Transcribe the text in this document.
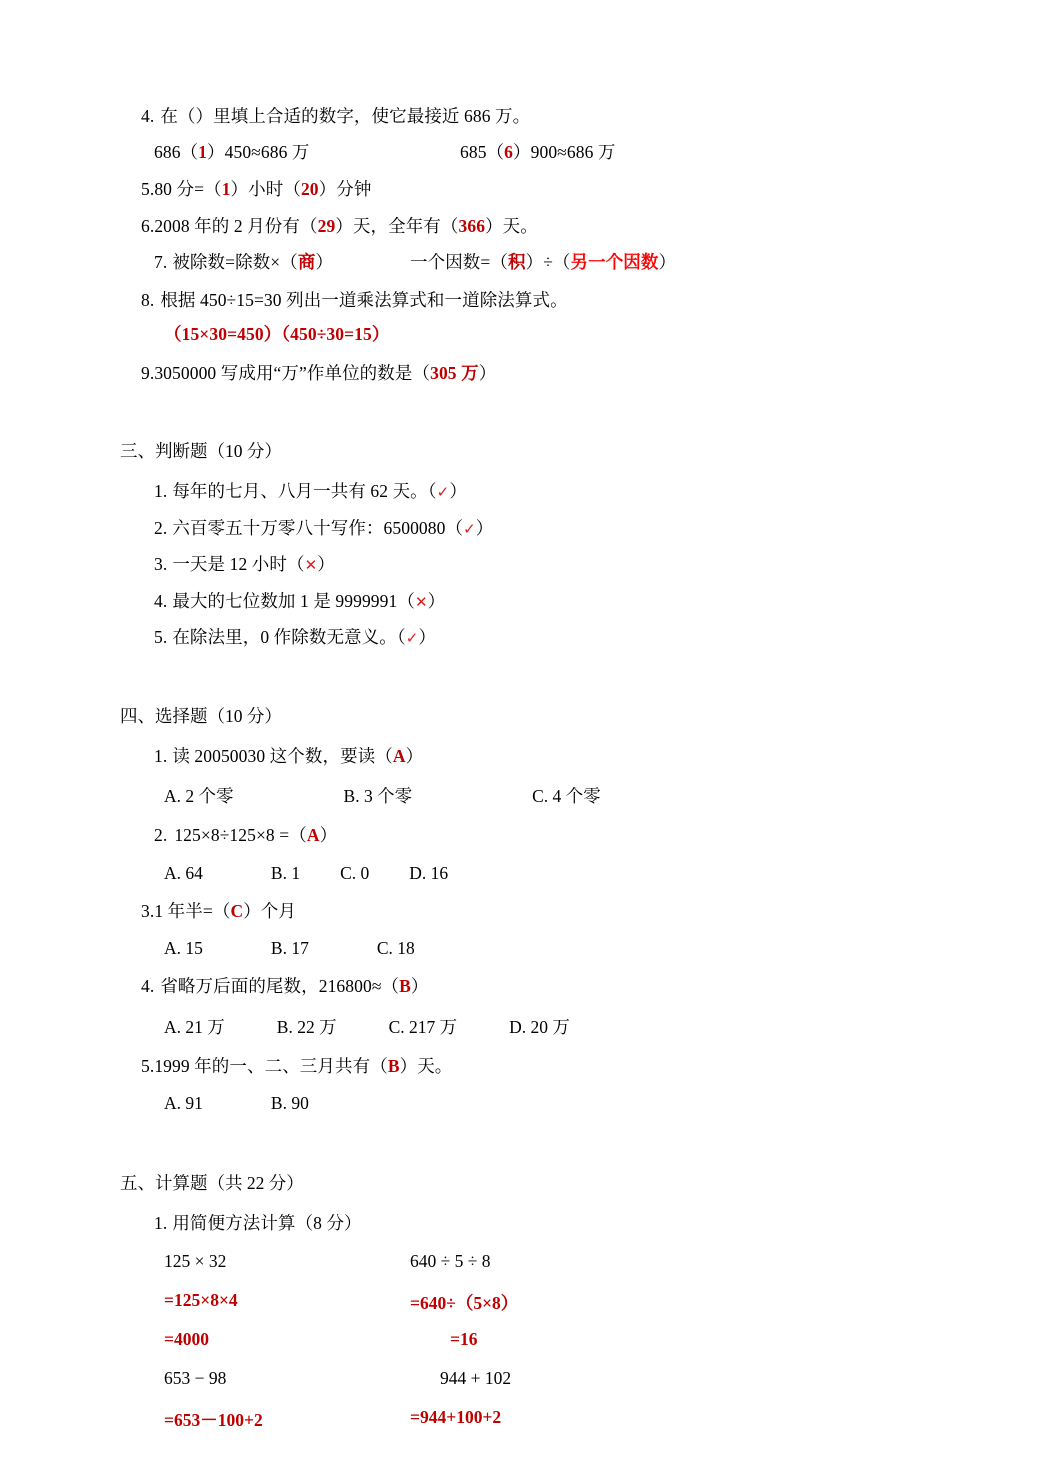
4. 在（）里填上合适的数字，使它最接近 686 万。
686（1）450≈686 万	685（6）900≈686 万
5.80 分=（1）小时（20）分钟
6.2008 年的 2 月份有（29）天，全年有（366）天。
7. 被除数=除数×（商）	一个因数=（积）÷（另一个因数）
8. 根据 450÷15=30 列出一道乘法算式和一道除法算式。
（15×30=450）（450÷30=15）
9.3050000 写成用“万”作单位的数是（305 万）
三、判断题（10 分）
1. 每年的七月、八月一共有 62 天。（✓）
2. 六百零五十万零八十写作：6500080（✓）
3. 一天是 12 小时（✕）
4. 最大的七位数加 1 是 9999991（✕）
5. 在除法里，0 作除数无意义。（✓）
四、选择题（10 分）
1. 读 20050030 这个数，要读（A）
A. 2 个零	B. 3 个零	C. 4 个零
2. 125×8÷125×8 =（A）
A. 64	B. 1 C. 0 D. 16
3.1 年半=（C）个月
A. 15	B. 17	C. 18
4. 省略万后面的尾数，216800≈（B）
A. 21 万	B. 22 万	C. 217 万	D. 20 万
5.1999 年的一、二、三月共有（B）天。
A. 91	B. 90
五、计算题（共 22 分）
1. 用简便方法计算（8 分）
125 × 32	640 ÷ 5 ÷ 8
=125×8×4	=640÷（5×8）
=4000	=16
653 − 98	944 + 102
=653－100+2	=944+100+2
